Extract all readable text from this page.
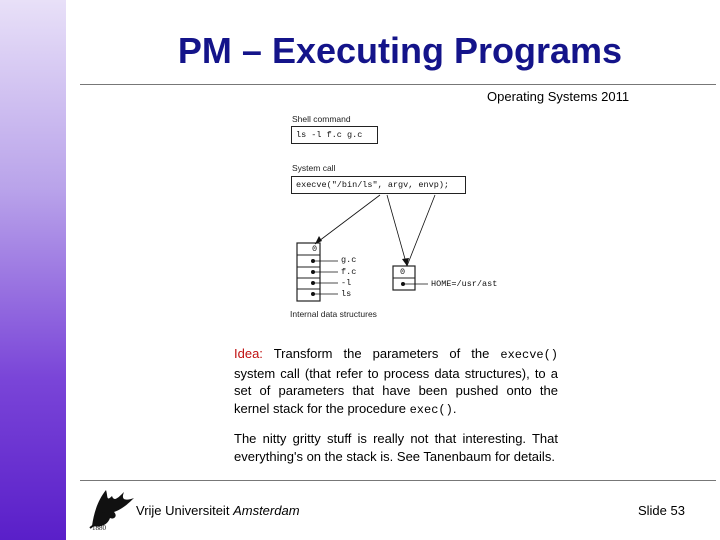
PM – Executing Programs
Operating Systems 2011
Shell command
ls -l f.c g.c
System call
execve("/bin/ls", argv, envp);
0
g.c
f.c
-l
ls
0
HOME=/usr/ast
Internal data structures
Idea: Transform the parameters of the execve() system call (that refer to process data structures), to a set of parameters that have been pushed onto the kernel stack for the procedure exec().
The nitty gritty stuff is really not that interesting. That everything's on the stack is. See Tanenbaum for details.
1880
Vrije Universiteit Amsterdam	Slide 53
